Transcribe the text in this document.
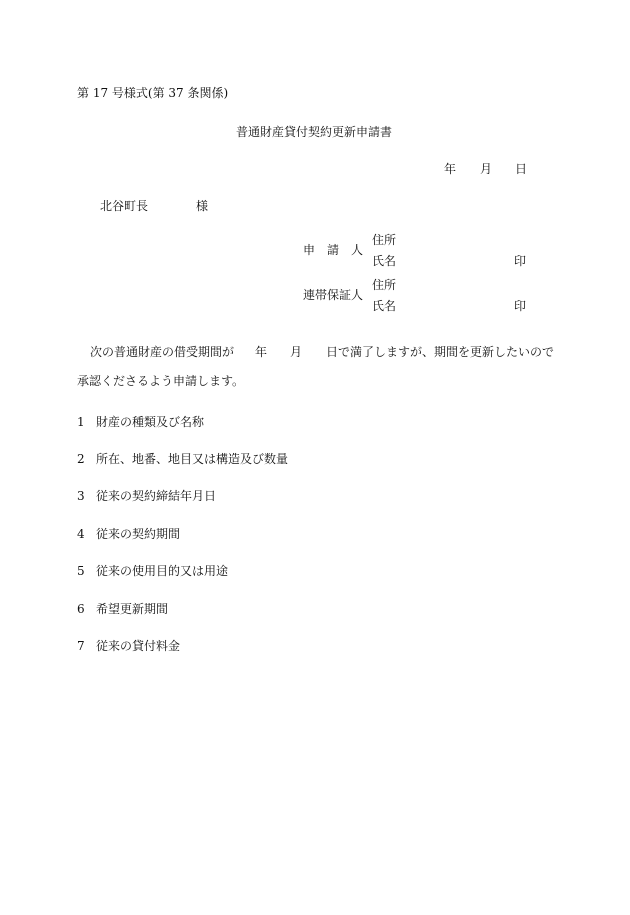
第 17 号様式(第 37 条関係)
普通財産貸付契約更新申請書
年 月 日
北谷町長	様
申　請　人
住所
氏名	印
連帯保証人
住所
氏名	印
次の普通財産の借受期間が 年 月 日で満了しますが、期間を更新したいので
承認くださるよう申請します。
1 財産の種類及び名称
2 所在、地番、地目又は構造及び数量
3 従来の契約締結年月日
4 従来の契約期間
5 従来の使用目的又は用途
6 希望更新期間
7 従来の貸付料金
